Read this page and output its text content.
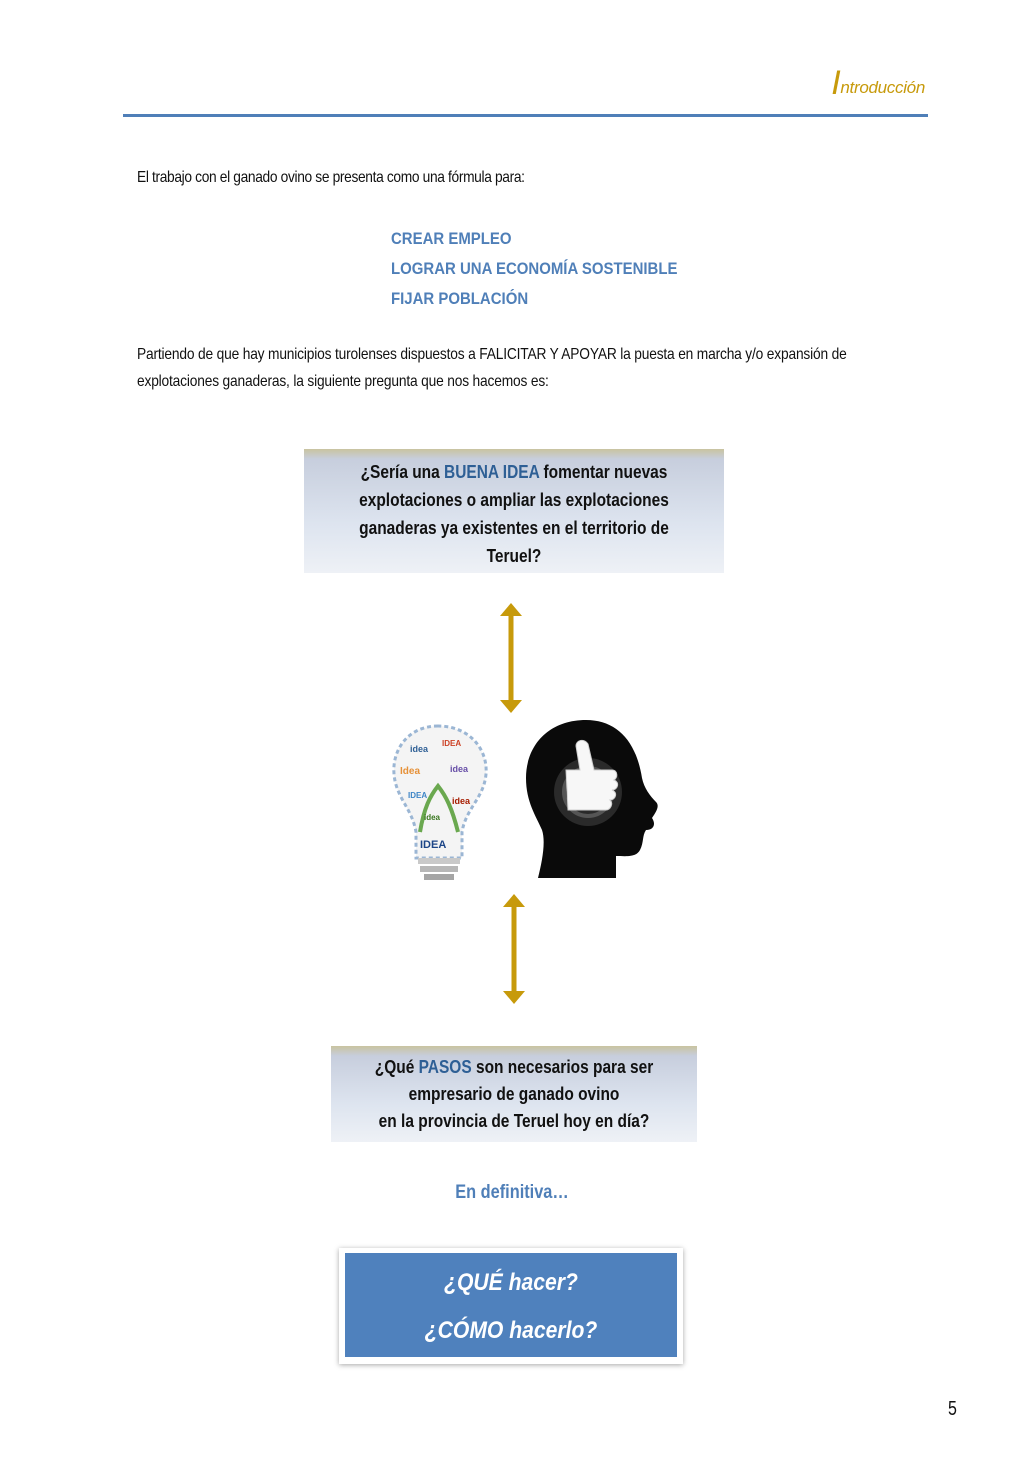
Introducción
El trabajo con el ganado ovino se presenta como una fórmula para:
CREAR EMPLEO
LOGRAR UNA ECONOMÍA SOSTENIBLE
FIJAR POBLACIÓN
Partiendo de que hay municipios turolenses dispuestos a FALICITAR Y APOYAR la puesta en marcha y/o expansión de
explotaciones ganaderas, la siguiente pregunta que nos hacemos es:
¿Sería una BUENA IDEA fomentar nuevas
explotaciones o ampliar las explotaciones
ganaderas ya existentes en el territorio de
Teruel?
idea
IDEA
Idea	idea
IDEA
idea
idea
IDEA
¿Qué PASOS son necesarios para ser
empresario de ganado ovino
en la provincia de Teruel hoy en día?
En definitiva…
¿QUÉ hacer?
¿CÓMO hacerlo?
5
